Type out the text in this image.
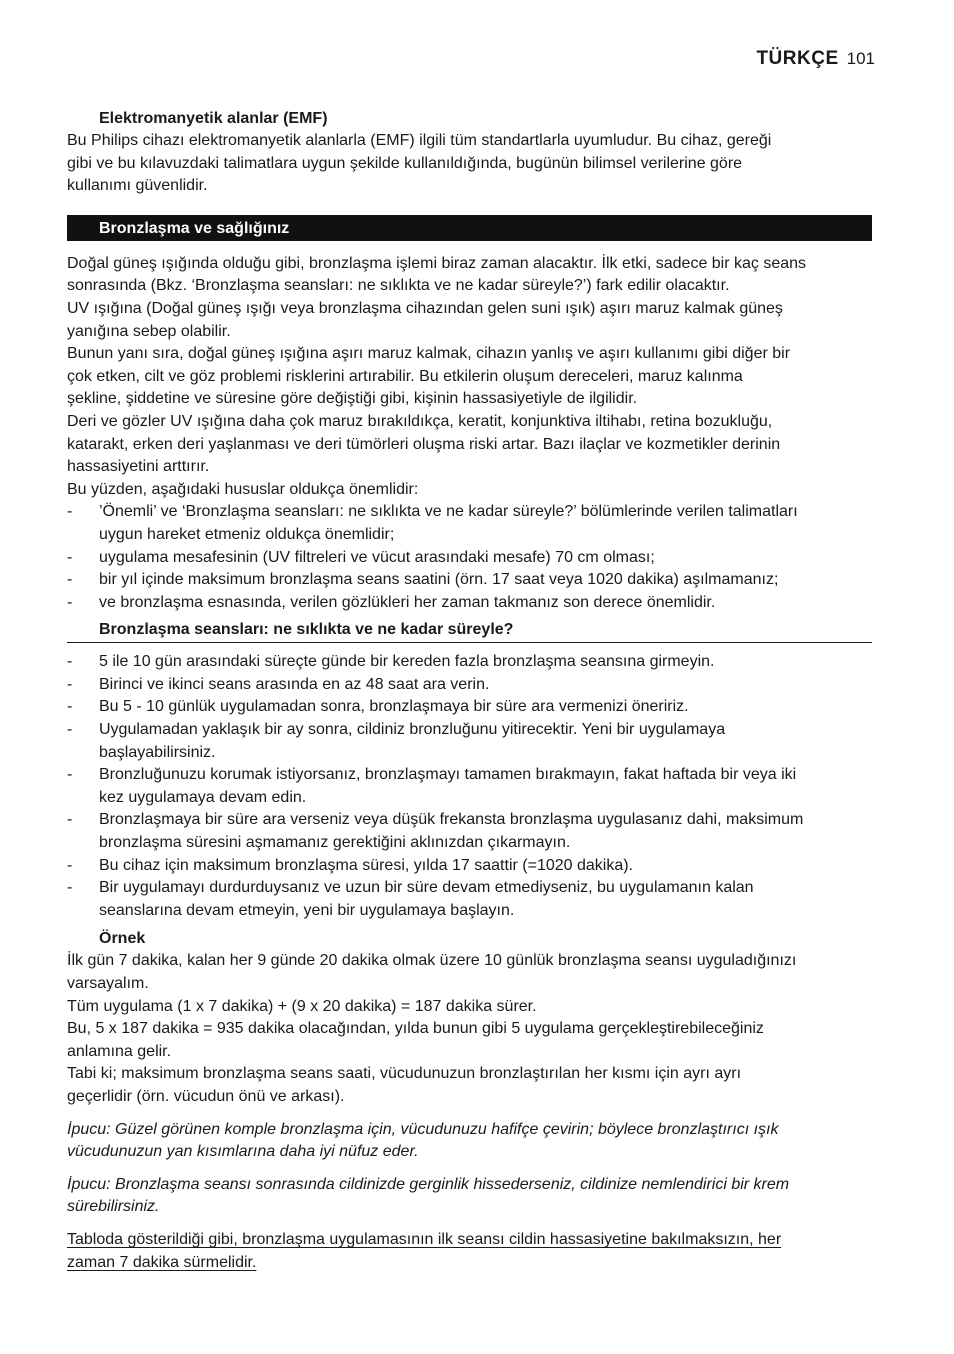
TÜRKÇE 101
Elektromanyetik alanlar (EMF)

Bu Philips cihazı elektromanyetik alanlarla (EMF) ilgili tüm standartlarla uyumludur. Bu cihaz, gereği

gibi ve bu kılavuzdaki talimatlara uygun şekilde kullanıldığında, bugünün bilimsel verilerine göre

kullanımı güvenlidir.

Bronzlaşma ve sağlığınız

Doğal güneş ışığında olduğu gibi, bronzlaşma işlemi biraz zaman alacaktır. İlk etki, sadece bir kaç seans

sonrasında (Bkz. ‘Bronzlaşma seansları: ne sıklıkta ve ne kadar süreyle?’) fark edilir olacaktır.

UV ışığına (Doğal güneş ışığı veya bronzlaşma cihazından gelen suni ışık) aşırı maruz kalmak güneş

yanığına sebep olabilir.

Bunun yanı sıra, doğal güneş ışığına aşırı maruz kalmak, cihazın yanlış ve aşırı kullanımı gibi diğer bir

çok etken, cilt ve göz problemi risklerini artırabilir. Bu etkilerin oluşum dereceleri, maruz kalınma

şekline, şiddetine ve süresine göre değiştiği gibi, kişinin hassasiyetiyle de ilgilidir.

Deri ve gözler UV ışığına daha çok maruz bırakıldıkça, keratit, konjunktiva iltihabı, retina bozukluğu,

katarakt, erken deri yaşlanması ve deri tümörleri oluşma riski artar. Bazı ilaçlar ve kozmetikler derinin

hassasiyetini arttırır.

Bu yüzden, aşağıdaki hususlar oldukça önemlidir:

- ’Önemli’ ve ‘Bronzlaşma seansları: ne sıklıkta ve ne kadar süreyle?’ bölümlerinde verilen talimatları
uygun hareket etmeniz oldukça önemlidir;
- uygulama mesafesinin (UV filtreleri ve vücut arasındaki mesafe) 70 cm olması;
- bir yıl içinde maksimum bronzlaşma seans saatini (örn. 17 saat veya 1020 dakika) aşılmamanız;
- ve bronzlaşma esnasında, verilen gözlükleri her zaman takmanız son derece önemlidir.
Bronzlaşma seansları: ne sıklıkta ve ne kadar süreyle?
- 5 ile 10 gün arasındaki süreçte günde bir kereden fazla bronzlaşma seansına girmeyin.
- Birinci ve ikinci seans arasında en az 48 saat ara verin.
- Bu 5 - 10 günlük uygulamadan sonra, bronzlaşmaya bir süre ara vermenizi öneririz.
- Uygulamadan yaklaşık bir ay sonra, cildiniz bronzluğunu yitirecektir. Yeni bir uygulamaya
başlayabilirsiniz.
- Bronzluğunuzu korumak istiyorsanız, bronzlaşmayı tamamen bırakmayın, fakat haftada bir veya iki
kez uygulamaya devam edin.
- Bronzlaşmaya bir süre ara verseniz veya düşük frekansta bronzlaşma uygulasanız dahi, maksimum
bronzlaşma süresini aşmamanız gerektiğini aklınızdan çıkarmayın.
- Bu cihaz için maksimum bronzlaşma süresi, yılda 17 saattir (=1020 dakika).
- Bir uygulamayı durdurduysanız ve uzun bir süre devam etmediyseniz, bu uygulamanın kalan
seanslarına devam etmeyin, yeni bir uygulamaya başlayın.
Örnek

İlk gün 7 dakika, kalan her 9 günde 20 dakika olmak üzere 10 günlük bronzlaşma seansı uyguladığınızı

varsayalım.

Tüm uygulama (1 x 7 dakika) + (9 x 20 dakika) = 187 dakika sürer.

Bu, 5 x 187 dakika = 935 dakika olacağından, yılda bunun gibi 5 uygulama gerçekleştirebileceğiniz

anlamına gelir.

Tabi ki; maksimum bronzlaşma seans saati, vücudunuzun bronzlaştırılan her kısmı için ayrı ayrı

geçerlidir (örn. vücudun önü ve arkası).

İpucu: Güzel görünen komple bronzlaşma için, vücudunuzu hafifçe çevirin; böylece bronzlaştırıcı ışık
vücudunuzun yan kısımlarına daha iyi nüfuz eder.
İpucu: Bronzlaşma seansı sonrasında cildinizde gerginlik hissederseniz, cildinize nemlendirici bir krem
sürebilirsiniz.
Tabloda gösterildiği gibi, bronzlaşma uygulamasının ilk seansı cildin hassasiyetine bakılmaksızın, her
zaman 7 dakika sürmelidir.
